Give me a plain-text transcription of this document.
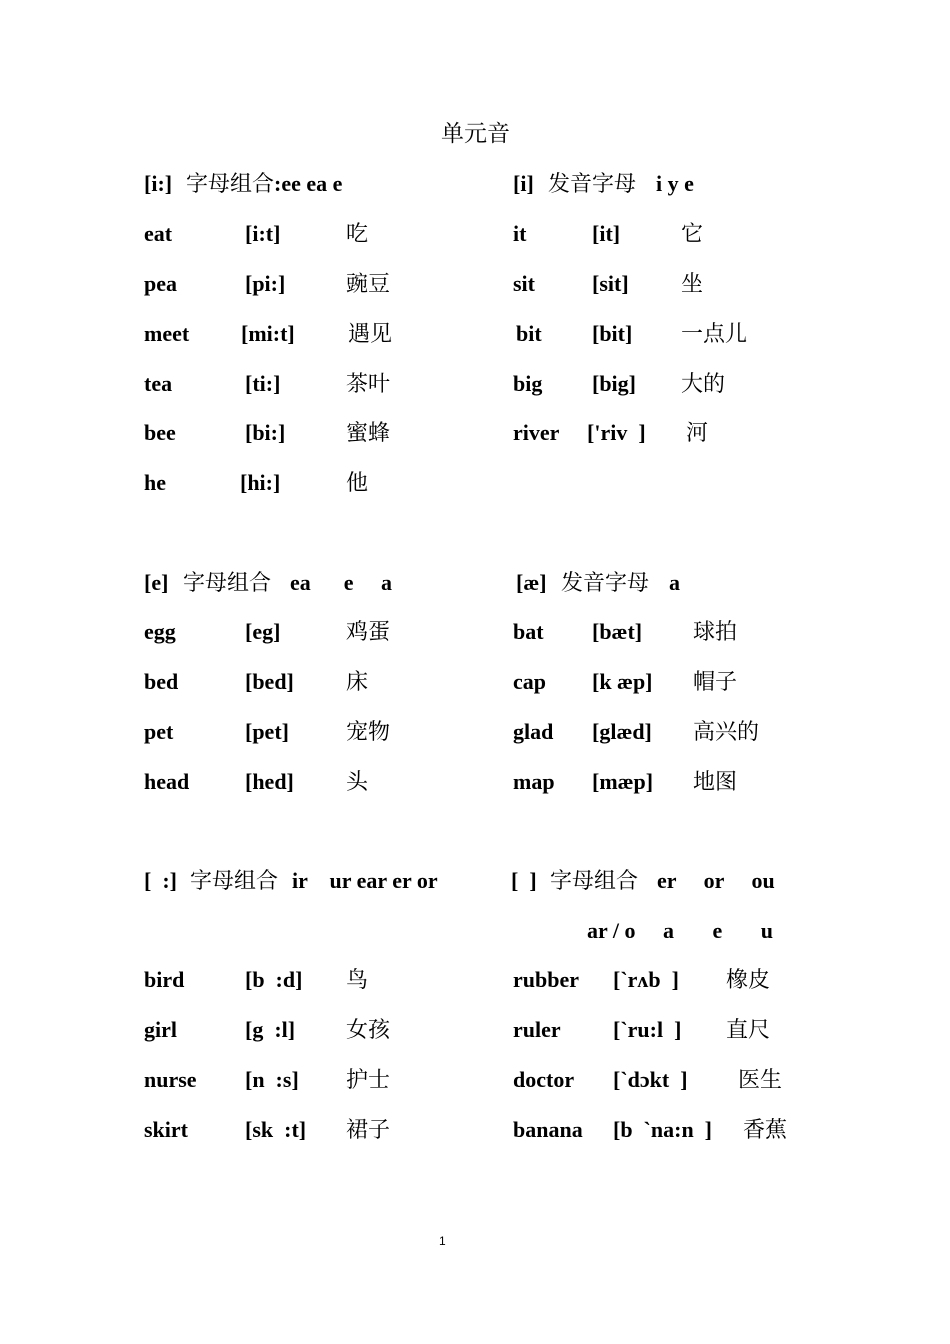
单元音
[i:] 字母组合 :ee ea e	[i] 发音字母 i y e
eat	[i:t]	吃
pea	[pi:]	豌豆
meet [mi:t] 遇见
tea	[ti:]	茶叶
bee	[bi:]	蜜蜂
he	[hi:]	他
it	[it]	它
sit	[sit] 坐
bit [bit] 一点儿
big [big] 大的
river ['riv  ] 河
[e] 字母组合 ea      e     a	[æ] 发音字母 a
egg	[eg]	鸡蛋
bed	[bed] 床
pet	[pet]	宠物
head	[hed] 头
bat [bæt] 球拍
cap [k æp] 帽子
glad [glæd] 高兴的
map [mæp] 地图
[  :] 字母组合 ir    ur ear er or	[  ] 字母组合 er     or     ou
ar / o     a       e       u
bird	[b  :d] 鸟
girl	[g  :l] 女孩
nurse [n  :s] 护士
skirt	[sk  :t] 裙子
rubber [`rʌb  ] 橡皮
ruler [`ru:l  ] 直尺
doctor [`dɔkt  ] 医生
banana [b  `na:n  ] 香蕉
1
